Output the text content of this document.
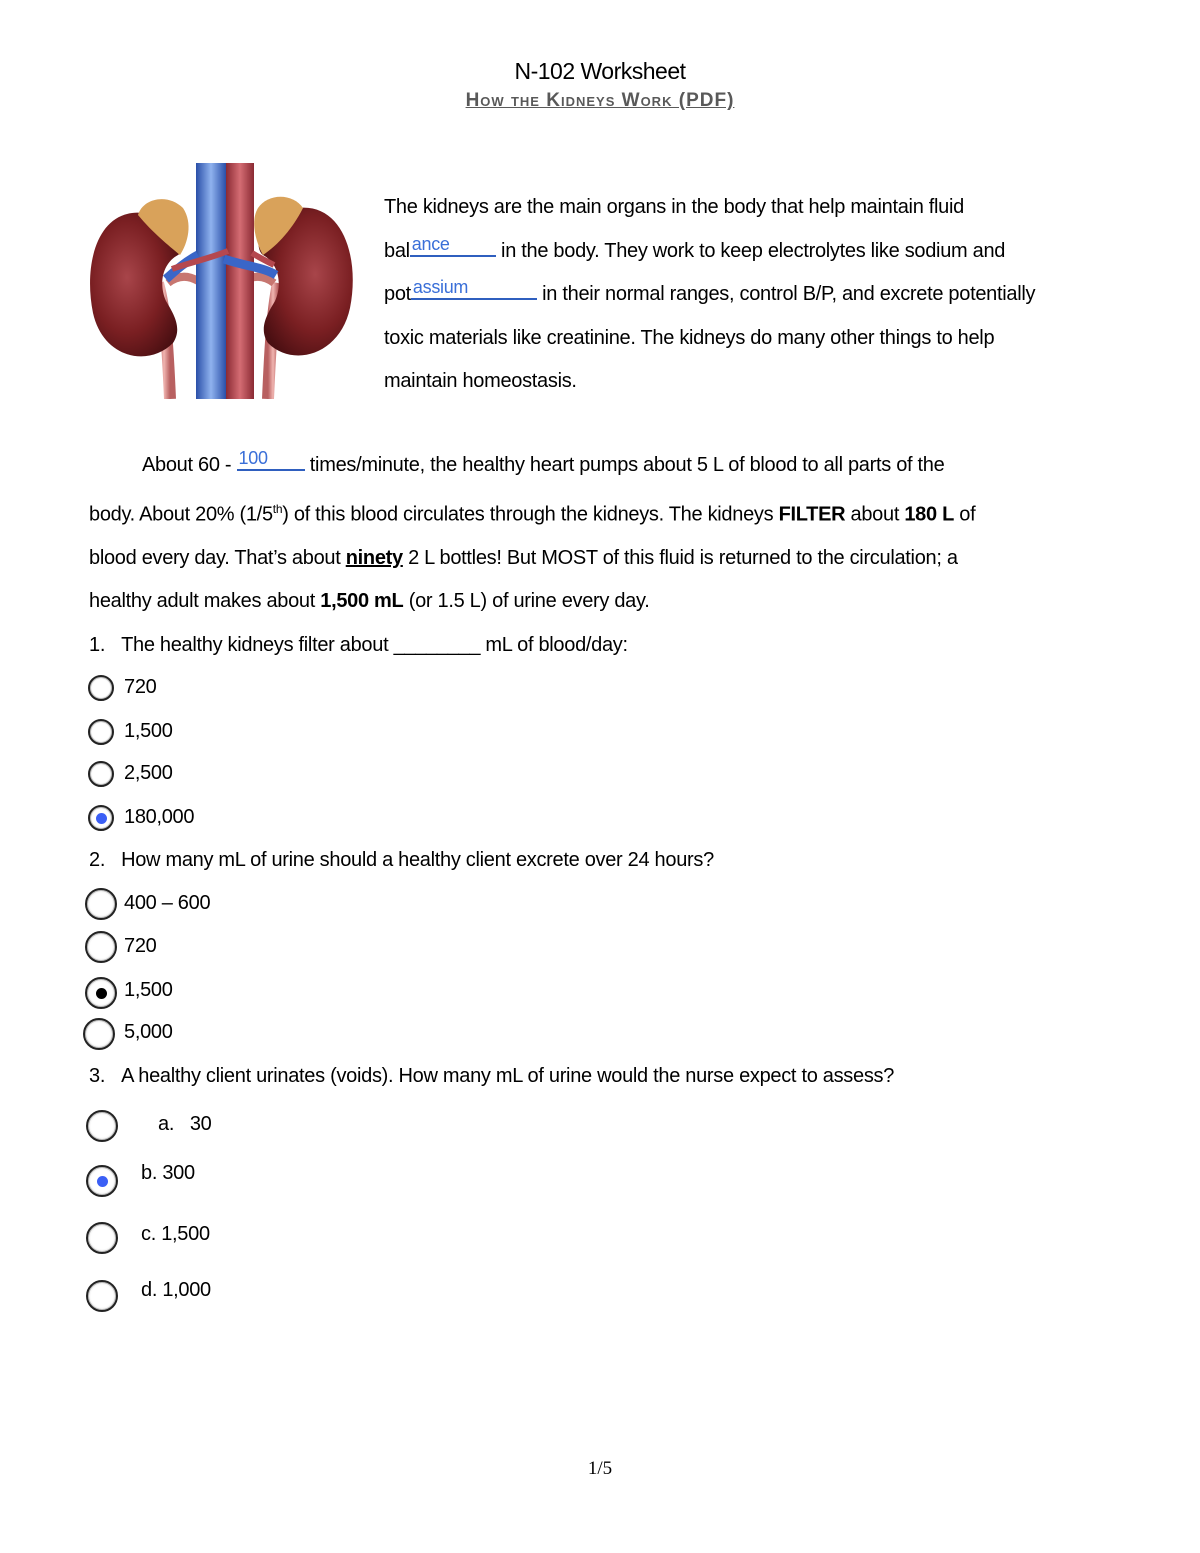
N-102 Worksheet
How the Kidneys Work (PDF)
The kidneys are the main organs in the body that help maintain fluid
bal ance in the body. They work to keep electrolytes like sodium and
pot assium	in their normal ranges, control B/P, and excrete potentially
toxic materials like creatinine. The kidneys do many other things to help
maintain homeostasis.
About 60 - 100 times/minute, the healthy heart pumps about 5 L of blood to all parts of the
body. About 20% (1/5th) of this blood circulates through the kidneys. The kidneys FILTER about 180 L of
blood every day. That’s about ninety 2 L bottles! But MOST of this fluid is returned to the circulation; a
healthy adult makes about 1,500 mL (or 1.5 L) of urine every day.
1. The healthy kidneys filter about ________ mL of blood/day:
720
1,500
2,500
180,000
2. How many mL of urine should a healthy client excrete over 24 hours?
400 – 600
720
1,500
5,000
3. A healthy client urinates (voids). How many mL of urine would the nurse expect to assess?
a.   30
b. 300
c. 1,500
d. 1,000
1/5
